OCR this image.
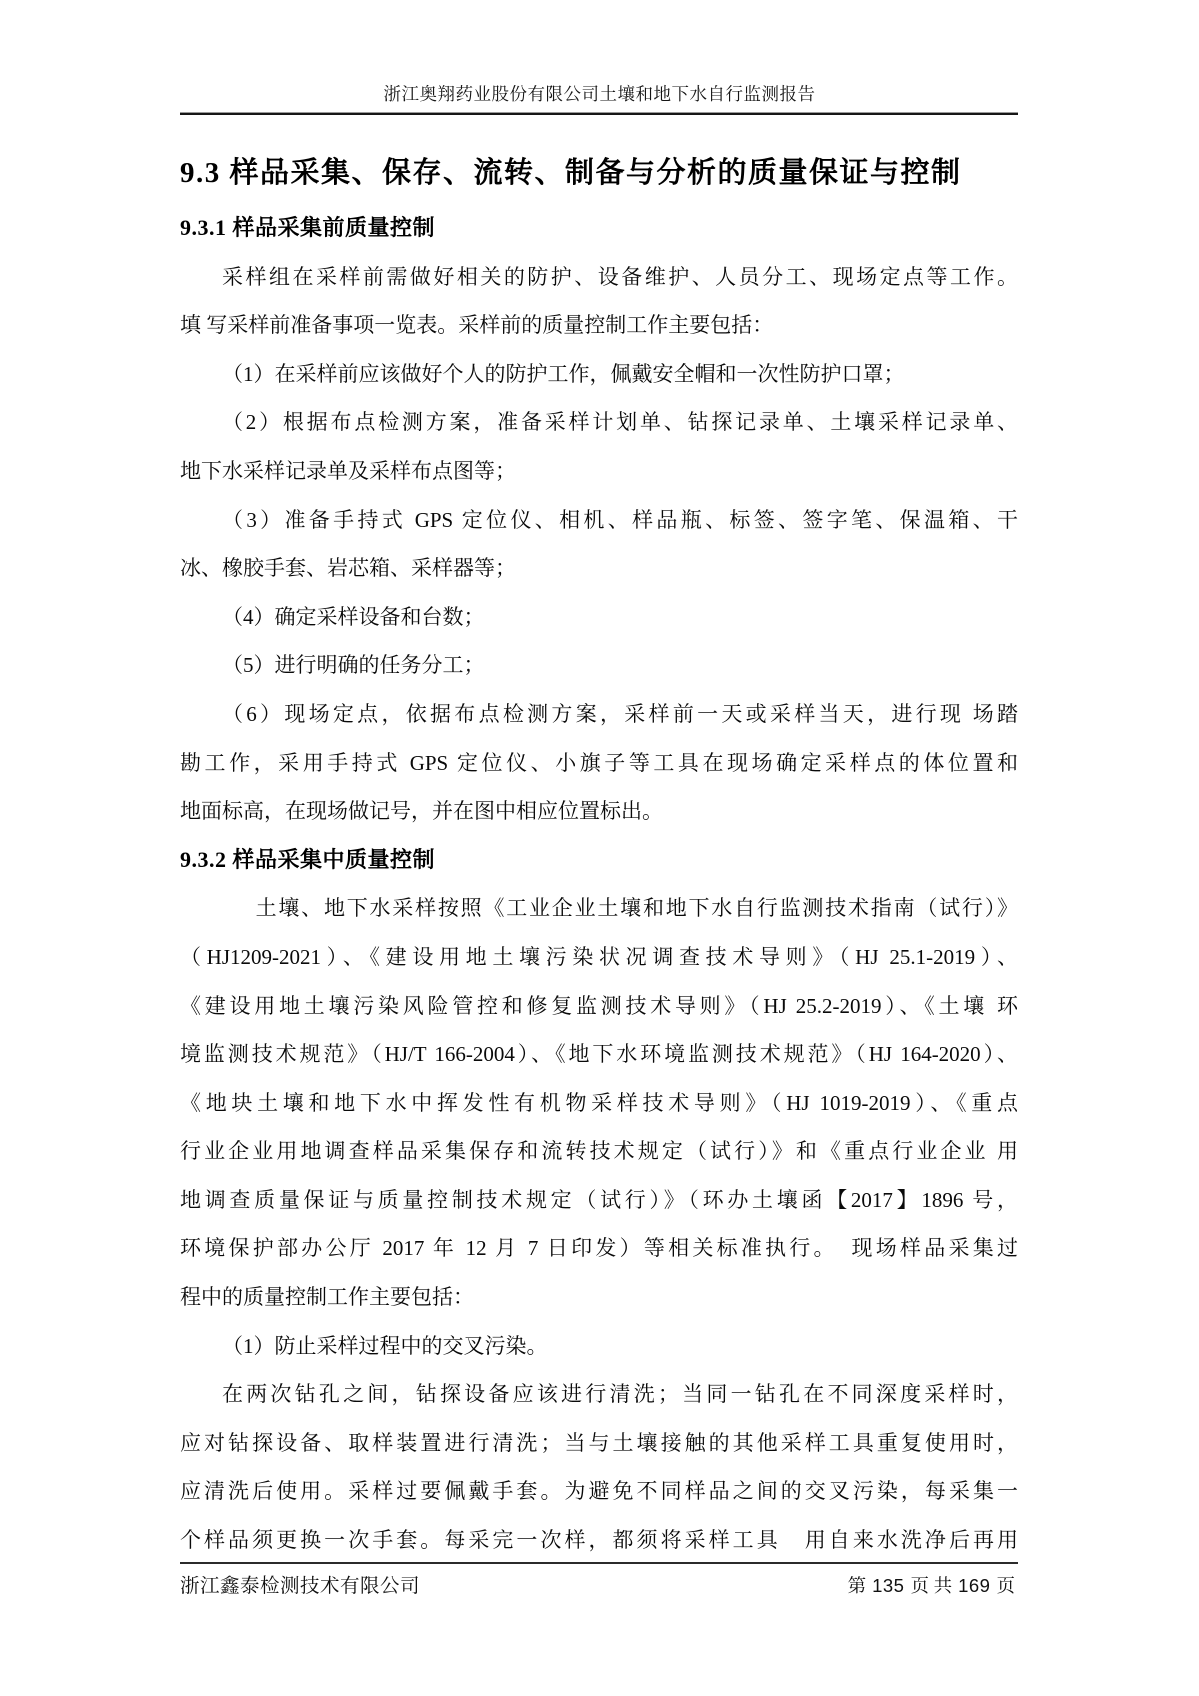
浙江奥翔药业股份有限公司土壤和地下水自行监测报告
9.3 样品采集、保存、流转、制备与分析的质量保证与控制
9.3.1 样品采集前质量控制
采样组在采样前需做好相关的防护、设备维护、人员分工、现场定点等工作。
填 写采样前准备事项一览表。采样前的质量控制工作主要包括：
（1）在采样前应该做好个人的防护工作，佩戴安全帽和一次性防护口罩；
（2）根据布点检测方案，准备采样计划单、钻探记录单、土壤采样记录单、
地下水采样记录单及采样布点图等；
（3）准备手持式 GPS 定位仪、相机、样品瓶、标签、签字笔、保温箱、干
冰、橡胶手套、岩芯箱、采样器等；
（4）确定采样设备和台数；
（5）进行明确的任务分工；
（6）现场定点，依据布点检测方案，采样前一天或采样当天，进行现 场踏
勘工作，采用手持式 GPS 定位仪、小旗子等工具在现场确定采样点的体位置和
地面标高，在现场做记号，并在图中相应位置标出。
9.3.2 样品采集中质量控制
土壤、地下水采样按照《工业企业土壤和地下水自行监测技术指南（试行）》
（HJ1209-2021）、《建设用地土壤污染状况调查技术导则》（HJ 25.1-2019）、
《建设用地土壤污染风险管控和修复监测技术导则》（HJ 25.2-2019）、《土壤 环
境监测技术规范》（HJ/T 166-2004）、《地下水环境监测技术规范》（HJ 164-2020）、
《地块土壤和地下水中挥发性有机物采样技术导则》（HJ 1019-2019）、《重点
行业企业用地调查样品采集保存和流转技术规定（试行）》和《重点行业企业 用
地调查质量保证与质量控制技术规定（试行）》（环办土壤函【2017】1896 号，
环境保护部办公厅 2017 年 12 月 7 日印发）等相关标准执行。　现场样品采集过
程中的质量控制工作主要包括：
（1）防止采样过程中的交叉污染。
在两次钻孔之间，钻探设备应该进行清洗；当同一钻孔在不同深度采样时，
应对钻探设备、取样装置进行清洗；当与土壤接触的其他采样工具重复使用时，
应清洗后使用。采样过要佩戴手套。为避免不同样品之间的交叉污染，每采集一
个样品须更换一次手套。每采完一次样，都须将采样工具　用自来水洗净后再用
浙江鑫泰检测技术有限公司	第 135 页 共 169 页
